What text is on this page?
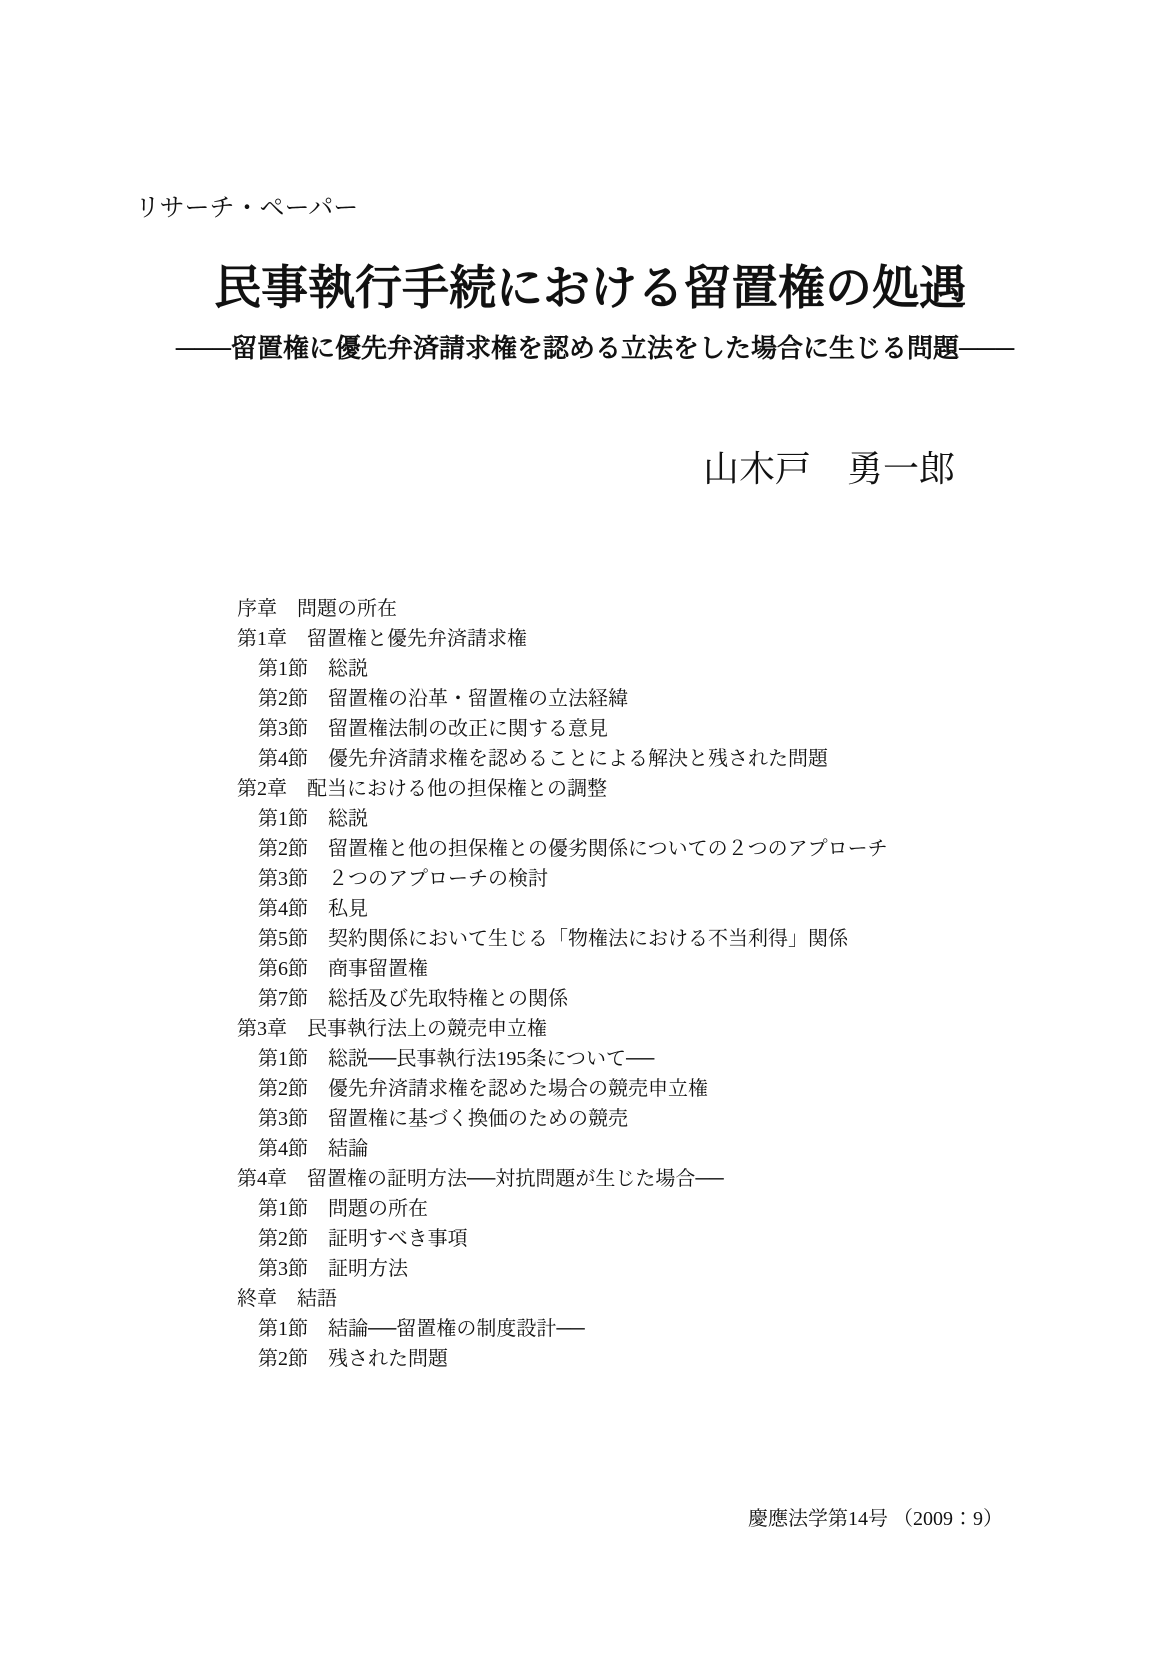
リサーチ・ペーパー
民事執行手続における留置権の処遇
───留置権に優先弁済請求権を認める立法をした場合に生じる問題───
山木戸　勇一郎
序章　問題の所在
第1章　留置権と優先弁済請求権
第1節　総説
第2節　留置権の沿革・留置権の立法経緯
第3節　留置権法制の改正に関する意見
第4節　優先弁済請求権を認めることによる解決と残された問題
第2章　配当における他の担保権との調整
第1節　総説
第2節　留置権と他の担保権との優劣関係についての２つのアプローチ
第3節　２つのアプローチの検討
第4節　私見
第5節　契約関係において生じる「物権法における不当利得」関係
第6節　商事留置権
第7節　総括及び先取特権との関係
第3章　民事執行法上の競売申立権
第1節　総説──民事執行法195条について──
第2節　優先弁済請求権を認めた場合の競売申立権
第3節　留置権に基づく換価のための競売
第4節　結論
第4章　留置権の証明方法──対抗問題が生じた場合──
第1節　問題の所在
第2節　証明すべき事項
第3節　証明方法
終章　結語
第1節　結論──留置権の制度設計──
第2節　残された問題
慶應法学第14号 （2009：9）
